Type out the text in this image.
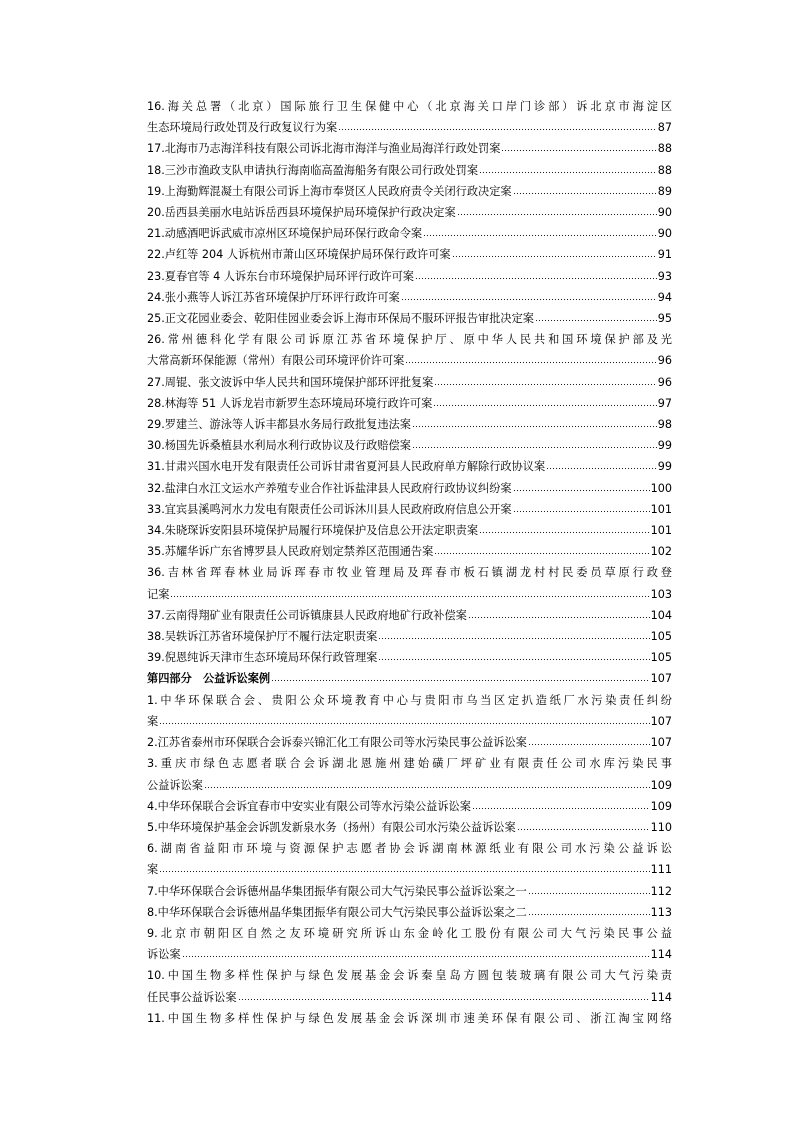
16.海关总署（北京）国际旅行卫生保健中心（北京海关口岸门诊部）诉北京市海淀区
生态环境局行政处罚及行政复议行为案	87
17.北海市乃志海洋科技有限公司诉北海市海洋与渔业局海洋行政处罚案	88
18.三沙市渔政支队申请执行海南临高盈海船务有限公司行政处罚案	88
19.上海勤辉混凝土有限公司诉上海市奉贤区人民政府责令关闭行政决定案	89
20.岳西县美丽水电站诉岳西县环境保护局环境保护行政决定案	90
21.动感酒吧诉武威市凉州区环境保护局环保行政命令案	90
22.卢红等 204 人诉杭州市萧山区环境保护局环保行政许可案	91
23.夏春官等 4 人诉东台市环境保护局环评行政许可案	93
24.张小燕等人诉江苏省环境保护厅环评行政许可案	94
25.正文花园业委会、乾阳佳园业委会诉上海市环保局不服环评报告审批决定案	95
26.常州德科化学有限公司诉原江苏省环境保护厅、原中华人民共和国环境保护部及光
大常高新环保能源（常州）有限公司环境评价许可案	96
27.周锟、张文波诉中华人民共和国环境保护部环评批复案	96
28.林海等 51 人诉龙岩市新罗生态环境局环境行政许可案	97
29.罗建兰、游泳等人诉丰都县水务局行政批复违法案	98
30.杨国先诉桑植县水利局水利行政协议及行政赔偿案	99
31.甘肃兴国水电开发有限责任公司诉甘肃省夏河县人民政府单方解除行政协议案	99
32.盐津白水江文运水产养殖专业合作社诉盐津县人民政府行政协议纠纷案	100
33.宜宾县溪鸣河水力发电有限责任公司诉沐川县人民政府政府信息公开案	101
34.朱晓琛诉安阳县环境保护局履行环境保护及信息公开法定职责案	101
35.苏耀华诉广东省博罗县人民政府划定禁养区范围通告案	102
36.吉林省珲春林业局诉珲春市牧业管理局及珲春市板石镇湖龙村村民委员草原行政登
记案	103
37.云南得翔矿业有限责任公司诉镇康县人民政府地矿行政补偿案	104
38.吴轶诉江苏省环境保护厅不履行法定职责案	105
39.倪恩纯诉天津市生态环境局环保行政管理案	105
第四部分　公益诉讼案例	107
1.中华环保联合会、贵阳公众环境教育中心与贵阳市乌当区定扒造纸厂水污染责任纠纷
案	107
2.江苏省泰州市环保联合会诉泰兴锦汇化工有限公司等水污染民事公益诉讼案	107
3.重庆市绿色志愿者联合会诉湖北恩施州建始磺厂坪矿业有限责任公司水库污染民事
公益诉讼案	109
4.中华环保联合会诉宜春市中安实业有限公司等水污染公益诉讼案	109
5.中华环境保护基金会诉凯发新泉水务（扬州）有限公司水污染公益诉讼案	110
6.湖南省益阳市环境与资源保护志愿者协会诉湖南林源纸业有限公司水污染公益诉讼
案	111
7.中华环保联合会诉德州晶华集团振华有限公司大气污染民事公益诉讼案之一	112
8.中华环保联合会诉德州晶华集团振华有限公司大气污染民事公益诉讼案之二	113
9.北京市朝阳区自然之友环境研究所诉山东金岭化工股份有限公司大气污染民事公益
诉讼案	114
10.中国生物多样性保护与绿色发展基金会诉秦皇岛方圆包装玻璃有限公司大气污染责
任民事公益诉讼案	114
11.中国生物多样性保护与绿色发展基金会诉深圳市速美环保有限公司、浙江淘宝网络
